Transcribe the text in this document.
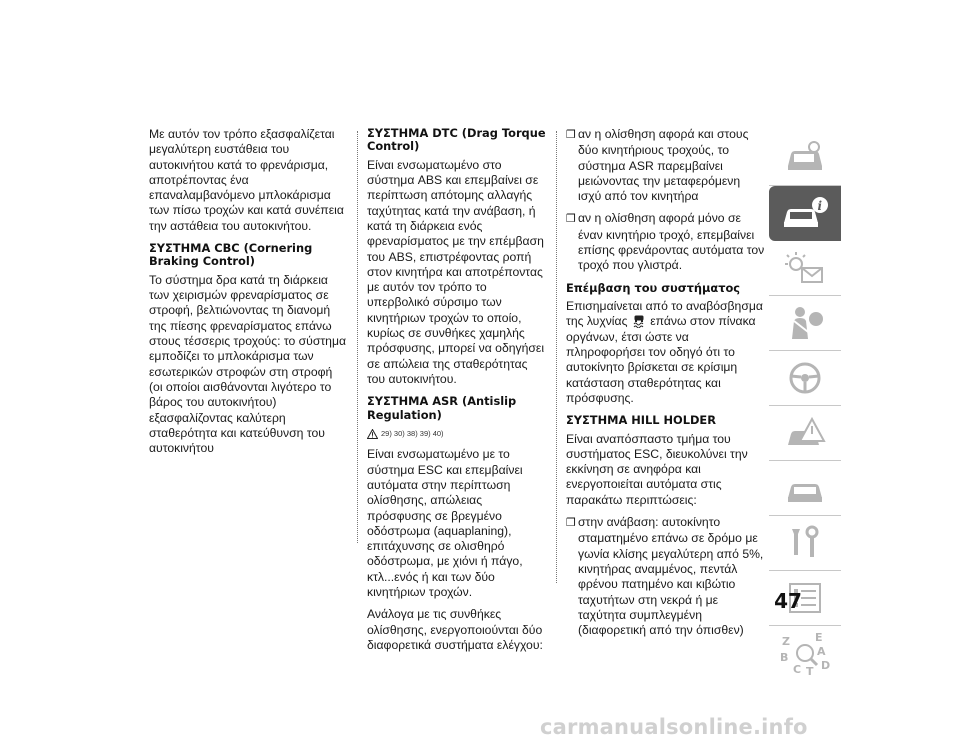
Με αυτόν τον τρόπο εξασφαλίζεται μεγαλύτερη ευστάθεια του αυτοκινήτου κατά το φρενάρισμα, αποτρέποντας ένα επαναλαμβανόμενο μπλοκάρισμα των πίσω τροχών και κατά συνέπεια την αστάθεια του αυτοκινήτου.

ΣΥΣΤΗΜΑ CBC (Cornering Braking Control)

Το σύστημα δρα κατά τη διάρκεια των χειρισμών φρεναρίσματος σε στροφή, βελτιώνοντας τη διανομή της πίεσης φρεναρίσματος επάνω στους τέσσερις τροχούς: το σύστημα εμποδίζει το μπλοκάρισμα των εσωτερικών στροφών στη στροφή (οι οποίοι αισθάνονται λιγότερο το βάρος του αυτοκινήτου) εξασφαλίζοντας καλύτερη σταθερότητα και κατεύθυνση του αυτοκινήτου

ΣΥΣΤΗΜΑ DTC (Drag Torque Control)

Είναι ενσωματωμένο στο σύστημα ABS και επεμβαίνει σε περίπτωση απότομης αλλαγής ταχύτητας κατά την ανάβαση, ή κατά τη διάρκεια ενός φρεναρίσματος με την επέμβαση του ABS, επιστρέφοντας ροπή στον κινητήρα και αποτρέποντας με αυτόν τον τρόπο το υπερβολικό σύρσιμο των κινητήριων τροχών το οποίο, κυρίως σε συνθήκες χαμηλής πρόσφυσης, μπορεί να οδηγήσει σε απώλεια της σταθερότητας του αυτοκινήτου.

ΣΥΣΤΗΜΑ ASR (Antislip Regulation)
29) 30) 38) 39) 40)

Είναι ενσωματωμένο με το σύστημα ESC και επεμβαίνει αυτόματα στην περίπτωση ολίσθησης, απώλειας πρόσφυσης σε βρεγμένο οδόστρωμα (aquaplaning), επιτάχυνσης σε ολισθηρό οδόστρωμα, με χιόνι ή πάγο, κτλ...ενός ή και των δύο κινητήριων τροχών.

Ανάλογα με τις συνθήκες ολίσθησης, ενεργοποιούνται δύο διαφορετικά συστήματα ελέγχου:

❒ αν η ολίσθηση αφορά και στους δύο κινητήριους τροχούς, το σύστημα ASR παρεμβαίνει μειώνοντας την μεταφερόμενη ισχύ από τον κινητήρα

❒ αν η ολίσθηση αφορά μόνο σε έναν κινητήριο τροχό, επεμβαίνει επίσης φρενάροντας αυτόματα τον τροχό που γλιστρά.

Επέμβαση του συστήματος

Επισημαίνεται από το αναβόσβησμα της λυχνίας επάνω στον πίνακα οργάνων, έτσι ώστε να πληροφορήσει τον οδηγό ότι το αυτοκίνητο βρίσκεται σε κρίσιμη κατάσταση σταθερότητας και πρόσφυσης.

ΣΥΣΤΗΜΑ HILL HOLDER

Είναι αναπόσπαστο τμήμα του συστήματος ESC, διευκολύνει την εκκίνηση σε ανηφόρα και ενεργοποιείται αυτόματα στις παρακάτω περιπτώσεις:

❒ στην ανάβαση: αυτοκίνητο σταματημένο επάνω σε δρόμο με γωνία κλίσης μεγαλύτερη από 5%, κινητήρας αναμμένος, πεντάλ φρένου πατημένο και κιβώτιο ταχυτήτων στη νεκρά ή με ταχύτητα συμπλεγμένη (διαφορετική από την όπισθεν)

i
Z E
A
B
C T D
47
carmanualsonline.info
